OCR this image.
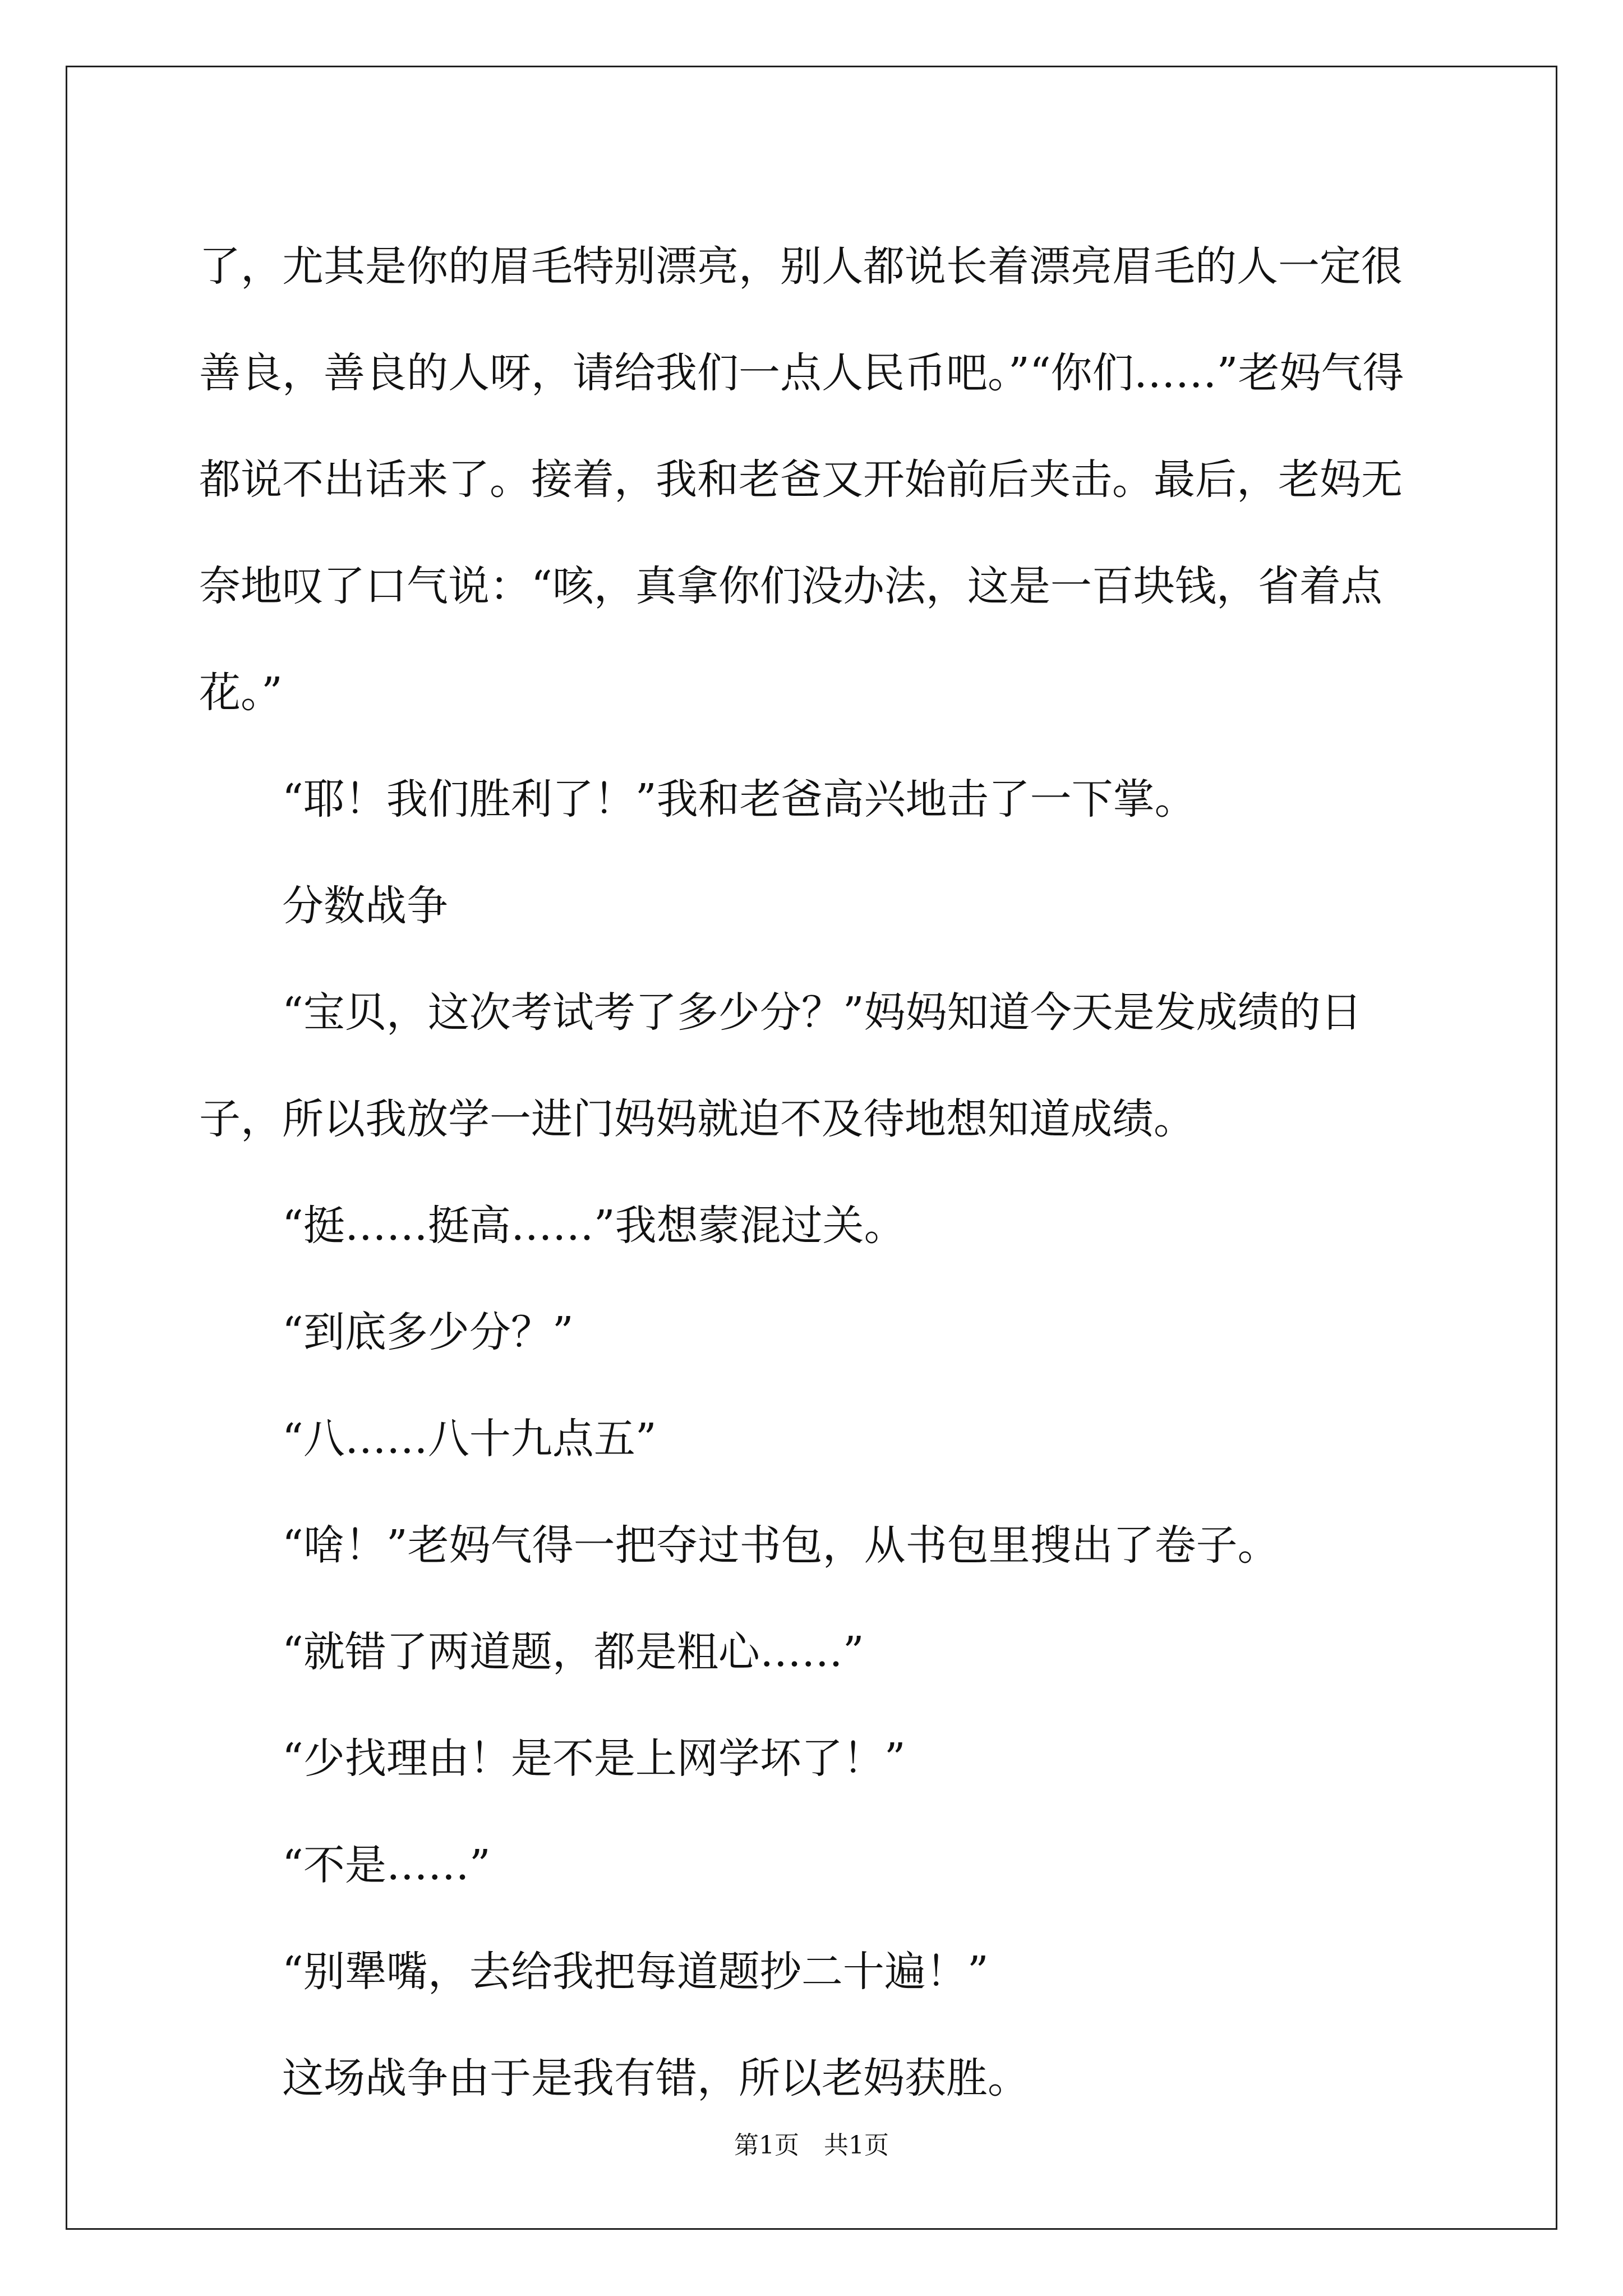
了，尤其是你的眉毛特别漂亮，别人都说长着漂亮眉毛的人一定很善良，善良的人呀，请给我们一点人民币吧。”“你们……”老妈气得都说不出话来了。接着，我和老爸又开始前后夹击。最后，老妈无奈地叹了口气说：“咳，真拿你们没办法，这是一百块钱，省着点花。”

“耶！我们胜利了！”我和老爸高兴地击了一下掌。

分数战争

“宝贝，这次考试考了多少分？”妈妈知道今天是发成绩的日子，所以我放学一进门妈妈就迫不及待地想知道成绩。

“挺……挺高……”我想蒙混过关。

“到底多少分？”

“八……八十九点五”

“啥！”老妈气得一把夺过书包，从书包里搜出了卷子。

“就错了两道题，都是粗心……”

“少找理由！是不是上网学坏了！”

“不是……”

“别犟嘴，去给我把每道题抄二十遍！”

这场战争由于是我有错，所以老妈获胜。

第1页　共1页
